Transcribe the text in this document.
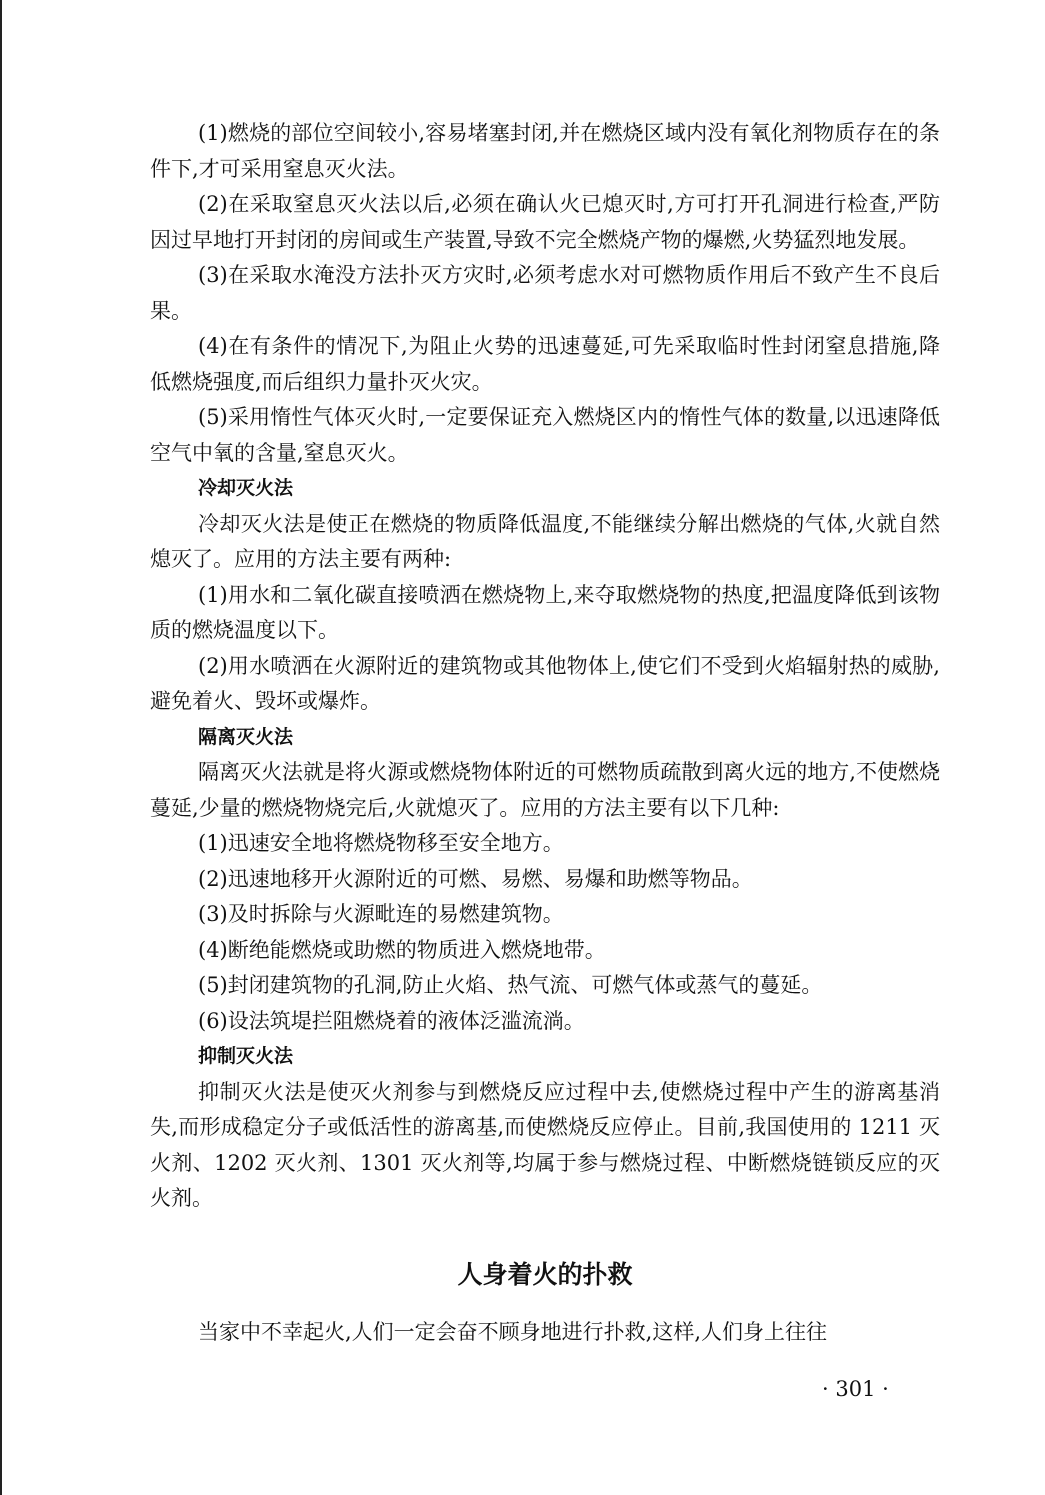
(1)燃烧的部位空间较小,容易堵塞封闭,并在燃烧区域内没有氧化剂物质存在的条件下,才可采用窒息灭火法。

(2)在采取窒息灭火法以后,必须在确认火已熄灭时,方可打开孔洞进行检查,严防因过早地打开封闭的房间或生产装置,导致不完全燃烧产物的爆燃,火势猛烈地发展。

(3)在采取水淹没方法扑灭方灾时,必须考虑水对可燃物质作用后不致产生不良后果。

(4)在有条件的情况下,为阻止火势的迅速蔓延,可先采取临时性封闭窒息措施,降低燃烧强度,而后组织力量扑灭火灾。

(5)采用惰性气体灭火时,一定要保证充入燃烧区内的惰性气体的数量,以迅速降低空气中氧的含量,窒息灭火。

冷却灭火法

冷却灭火法是使正在燃烧的物质降低温度,不能继续分解出燃烧的气体,火就自然熄灭了。应用的方法主要有两种:

(1)用水和二氧化碳直接喷洒在燃烧物上,来夺取燃烧物的热度,把温度降低到该物质的燃烧温度以下。

(2)用水喷洒在火源附近的建筑物或其他物体上,使它们不受到火焰辐射热的威胁,避免着火、毁坏或爆炸。

隔离灭火法

隔离灭火法就是将火源或燃烧物体附近的可燃物质疏散到离火远的地方,不使燃烧蔓延,少量的燃烧物烧完后,火就熄灭了。应用的方法主要有以下几种:

(1)迅速安全地将燃烧物移至安全地方。

(2)迅速地移开火源附近的可燃、易燃、易爆和助燃等物品。

(3)及时拆除与火源毗连的易燃建筑物。

(4)断绝能燃烧或助燃的物质进入燃烧地带。

(5)封闭建筑物的孔洞,防止火焰、热气流、可燃气体或蒸气的蔓延。

(6)设法筑堤拦阻燃烧着的液体泛滥流淌。

抑制灭火法

抑制灭火法是使灭火剂参与到燃烧反应过程中去,使燃烧过程中产生的游离基消失,而形成稳定分子或低活性的游离基,而使燃烧反应停止。目前,我国使用的 1211 灭火剂、1202 灭火剂、1301 灭火剂等,均属于参与燃烧过程、中断燃烧链锁反应的灭火剂。

人身着火的扑救

当家中不幸起火,人们一定会奋不顾身地进行扑救,这样,人们身上往往

· 301 ·
